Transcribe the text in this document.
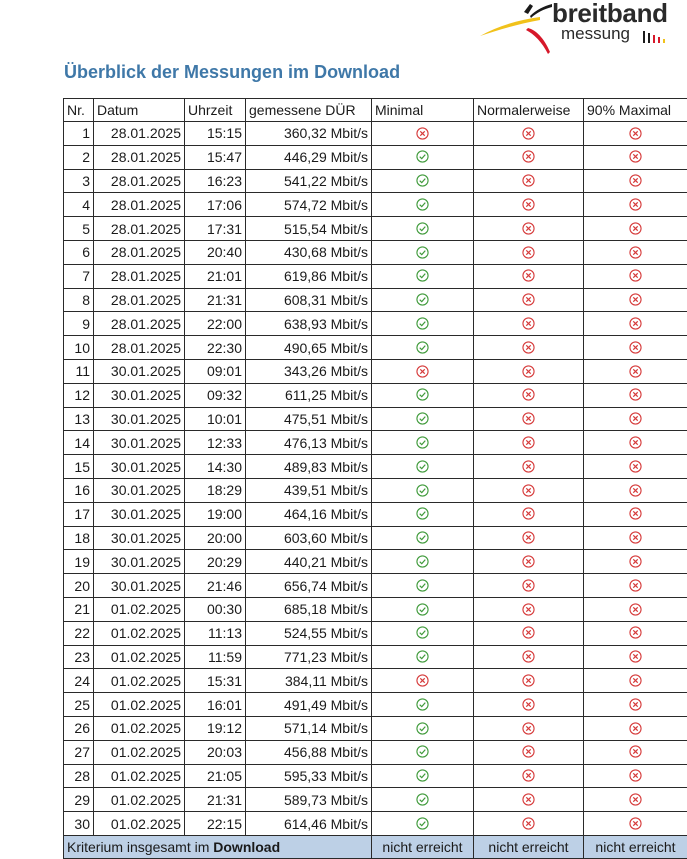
breitband
messung
Überblick der Messungen im Download
Nr.	Datum	Uhrzeit	gemessene DÜR	Minimal	Normalerweise	90% Maximal
1	28.01.2025	15:15	360,32 Mbit/s			
2	28.01.2025	15:47	446,29 Mbit/s			
3	28.01.2025	16:23	541,22 Mbit/s			
4	28.01.2025	17:06	574,72 Mbit/s			
5	28.01.2025	17:31	515,54 Mbit/s			
6	28.01.2025	20:40	430,68 Mbit/s			
7	28.01.2025	21:01	619,86 Mbit/s			
8	28.01.2025	21:31	608,31 Mbit/s			
9	28.01.2025	22:00	638,93 Mbit/s			
10	28.01.2025	22:30	490,65 Mbit/s			
11	30.01.2025	09:01	343,26 Mbit/s			
12	30.01.2025	09:32	611,25 Mbit/s			
13	30.01.2025	10:01	475,51 Mbit/s			
14	30.01.2025	12:33	476,13 Mbit/s			
15	30.01.2025	14:30	489,83 Mbit/s			
16	30.01.2025	18:29	439,51 Mbit/s			
17	30.01.2025	19:00	464,16 Mbit/s			
18	30.01.2025	20:00	603,60 Mbit/s			
19	30.01.2025	20:29	440,21 Mbit/s			
20	30.01.2025	21:46	656,74 Mbit/s			
21	01.02.2025	00:30	685,18 Mbit/s			
22	01.02.2025	11:13	524,55 Mbit/s			
23	01.02.2025	11:59	771,23 Mbit/s			
24	01.02.2025	15:31	384,11 Mbit/s			
25	01.02.2025	16:01	491,49 Mbit/s			
26	01.02.2025	19:12	571,14 Mbit/s			
27	01.02.2025	20:03	456,88 Mbit/s			
28	01.02.2025	21:05	595,33 Mbit/s			
29	01.02.2025	21:31	589,73 Mbit/s			
30	01.02.2025	22:15	614,46 Mbit/s			
Kriterium insgesamt im Download				nicht erreicht	nicht erreicht	nicht erreicht
